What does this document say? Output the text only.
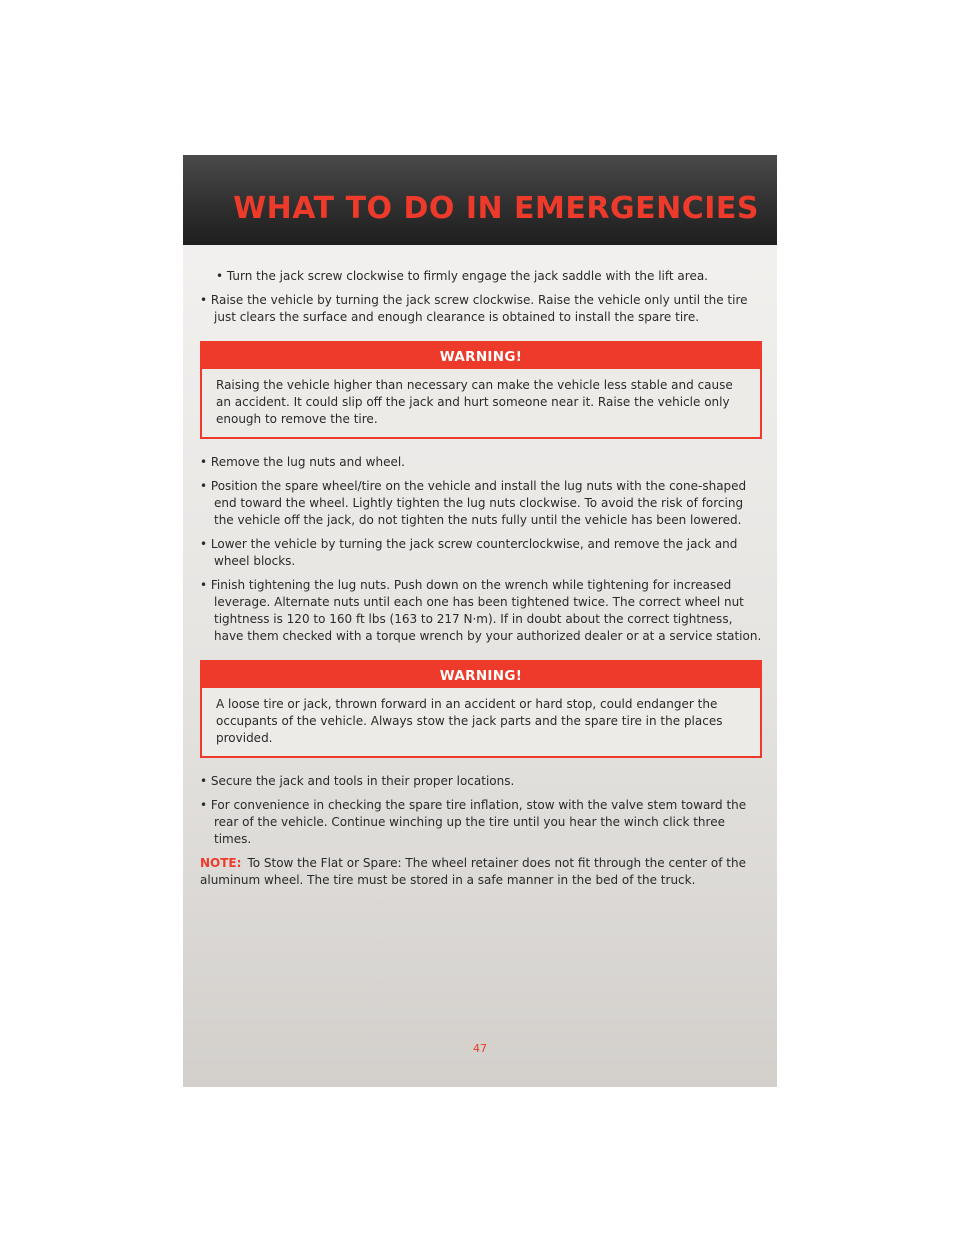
WHAT TO DO IN EMERGENCIES

• Turn the jack screw clockwise to firmly engage the jack saddle with the lift area.

• Raise the vehicle by turning the jack screw clockwise. Raise the vehicle only until the tire just clears the surface and enough clearance is obtained to install the spare tire.

WARNING!
Raising the vehicle higher than necessary can make the vehicle less stable and cause an accident. It could slip off the jack and hurt someone near it. Raise the vehicle only enough to remove the tire.

• Remove the lug nuts and wheel.

• Position the spare wheel/tire on the vehicle and install the lug nuts with the cone-shaped end toward the wheel. Lightly tighten the lug nuts clockwise. To avoid the risk of forcing the vehicle off the jack, do not tighten the nuts fully until the vehicle has been lowered.

• Lower the vehicle by turning the jack screw counterclockwise, and remove the jack and wheel blocks.

• Finish tightening the lug nuts. Push down on the wrench while tightening for increased leverage. Alternate nuts until each one has been tightened twice. The correct wheel nut tightness is 120 to 160 ft lbs (163 to 217 N·m). If in doubt about the correct tightness, have them checked with a torque wrench by your authorized dealer or at a service station.

WARNING!
A loose tire or jack, thrown forward in an accident or hard stop, could endanger the occupants of the vehicle. Always stow the jack parts and the spare tire in the places provided.

• Secure the jack and tools in their proper locations.

• For convenience in checking the spare tire inflation, stow with the valve stem toward the rear of the vehicle. Continue winching up the tire until you hear the winch click three times.

NOTE: To Stow the Flat or Spare: The wheel retainer does not fit through the center of the aluminum wheel. The tire must be stored in a safe manner in the bed of the truck.

47
